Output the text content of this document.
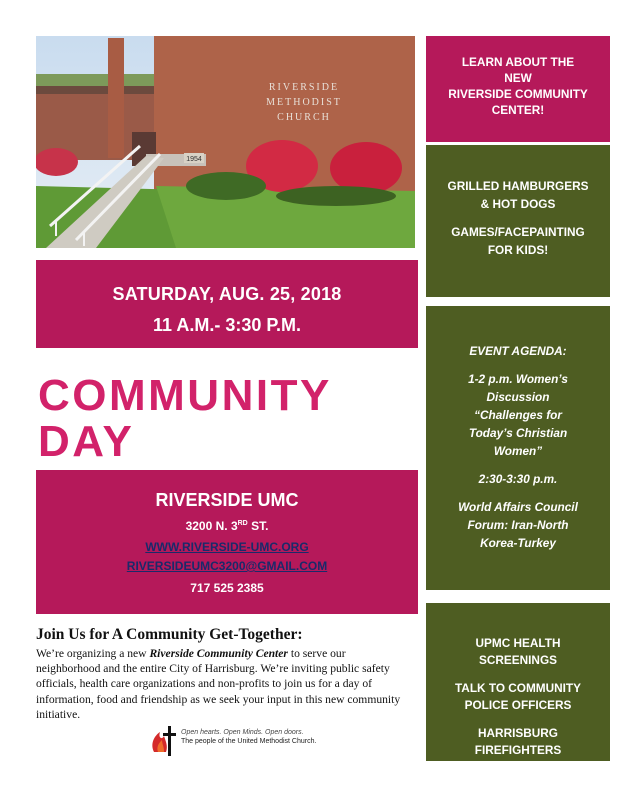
RIVERSIDE
METHODIST
CHURCH
1954
SATURDAY, AUG. 25, 2018
11 A.M.- 3:30 P.M.
COMMUNITY
DAY
RIVERSIDE UMC
3200 N. 3RD ST.
WWW.RIVERSIDE-UMC.ORG
RIVERSIDEUMC3200@GMAIL.COM
717 525 2385
Join Us for A Community Get-Together:
We’re organizing a new Riverside Community Center to serve our neighborhood and the entire City of Harrisburg. We’re inviting public safety officials, health care organizations and non-profits to join us for a day of information, food and friendship as we seek your input in this new community initiative.
Open hearts. Open Minds. Open doors.
The people of the United Methodist Church.
LEARN ABOUT THE
NEW
RIVERSIDE COMMUNITY
CENTER!
GRILLED HAMBURGERS
& HOT DOGS
GAMES/FACEPAINTING
FOR KIDS!
EVENT AGENDA:
1-2 p.m. Women’s
Discussion
“Challenges for
Today’s Christian
Women”
2:30-3:30 p.m.
World Affairs Council
Forum: Iran-North
Korea-Turkey
UPMC HEALTH
SCREENINGS
TALK TO COMMUNITY
POLICE OFFICERS
HARRISBURG
FIREFIGHTERS
